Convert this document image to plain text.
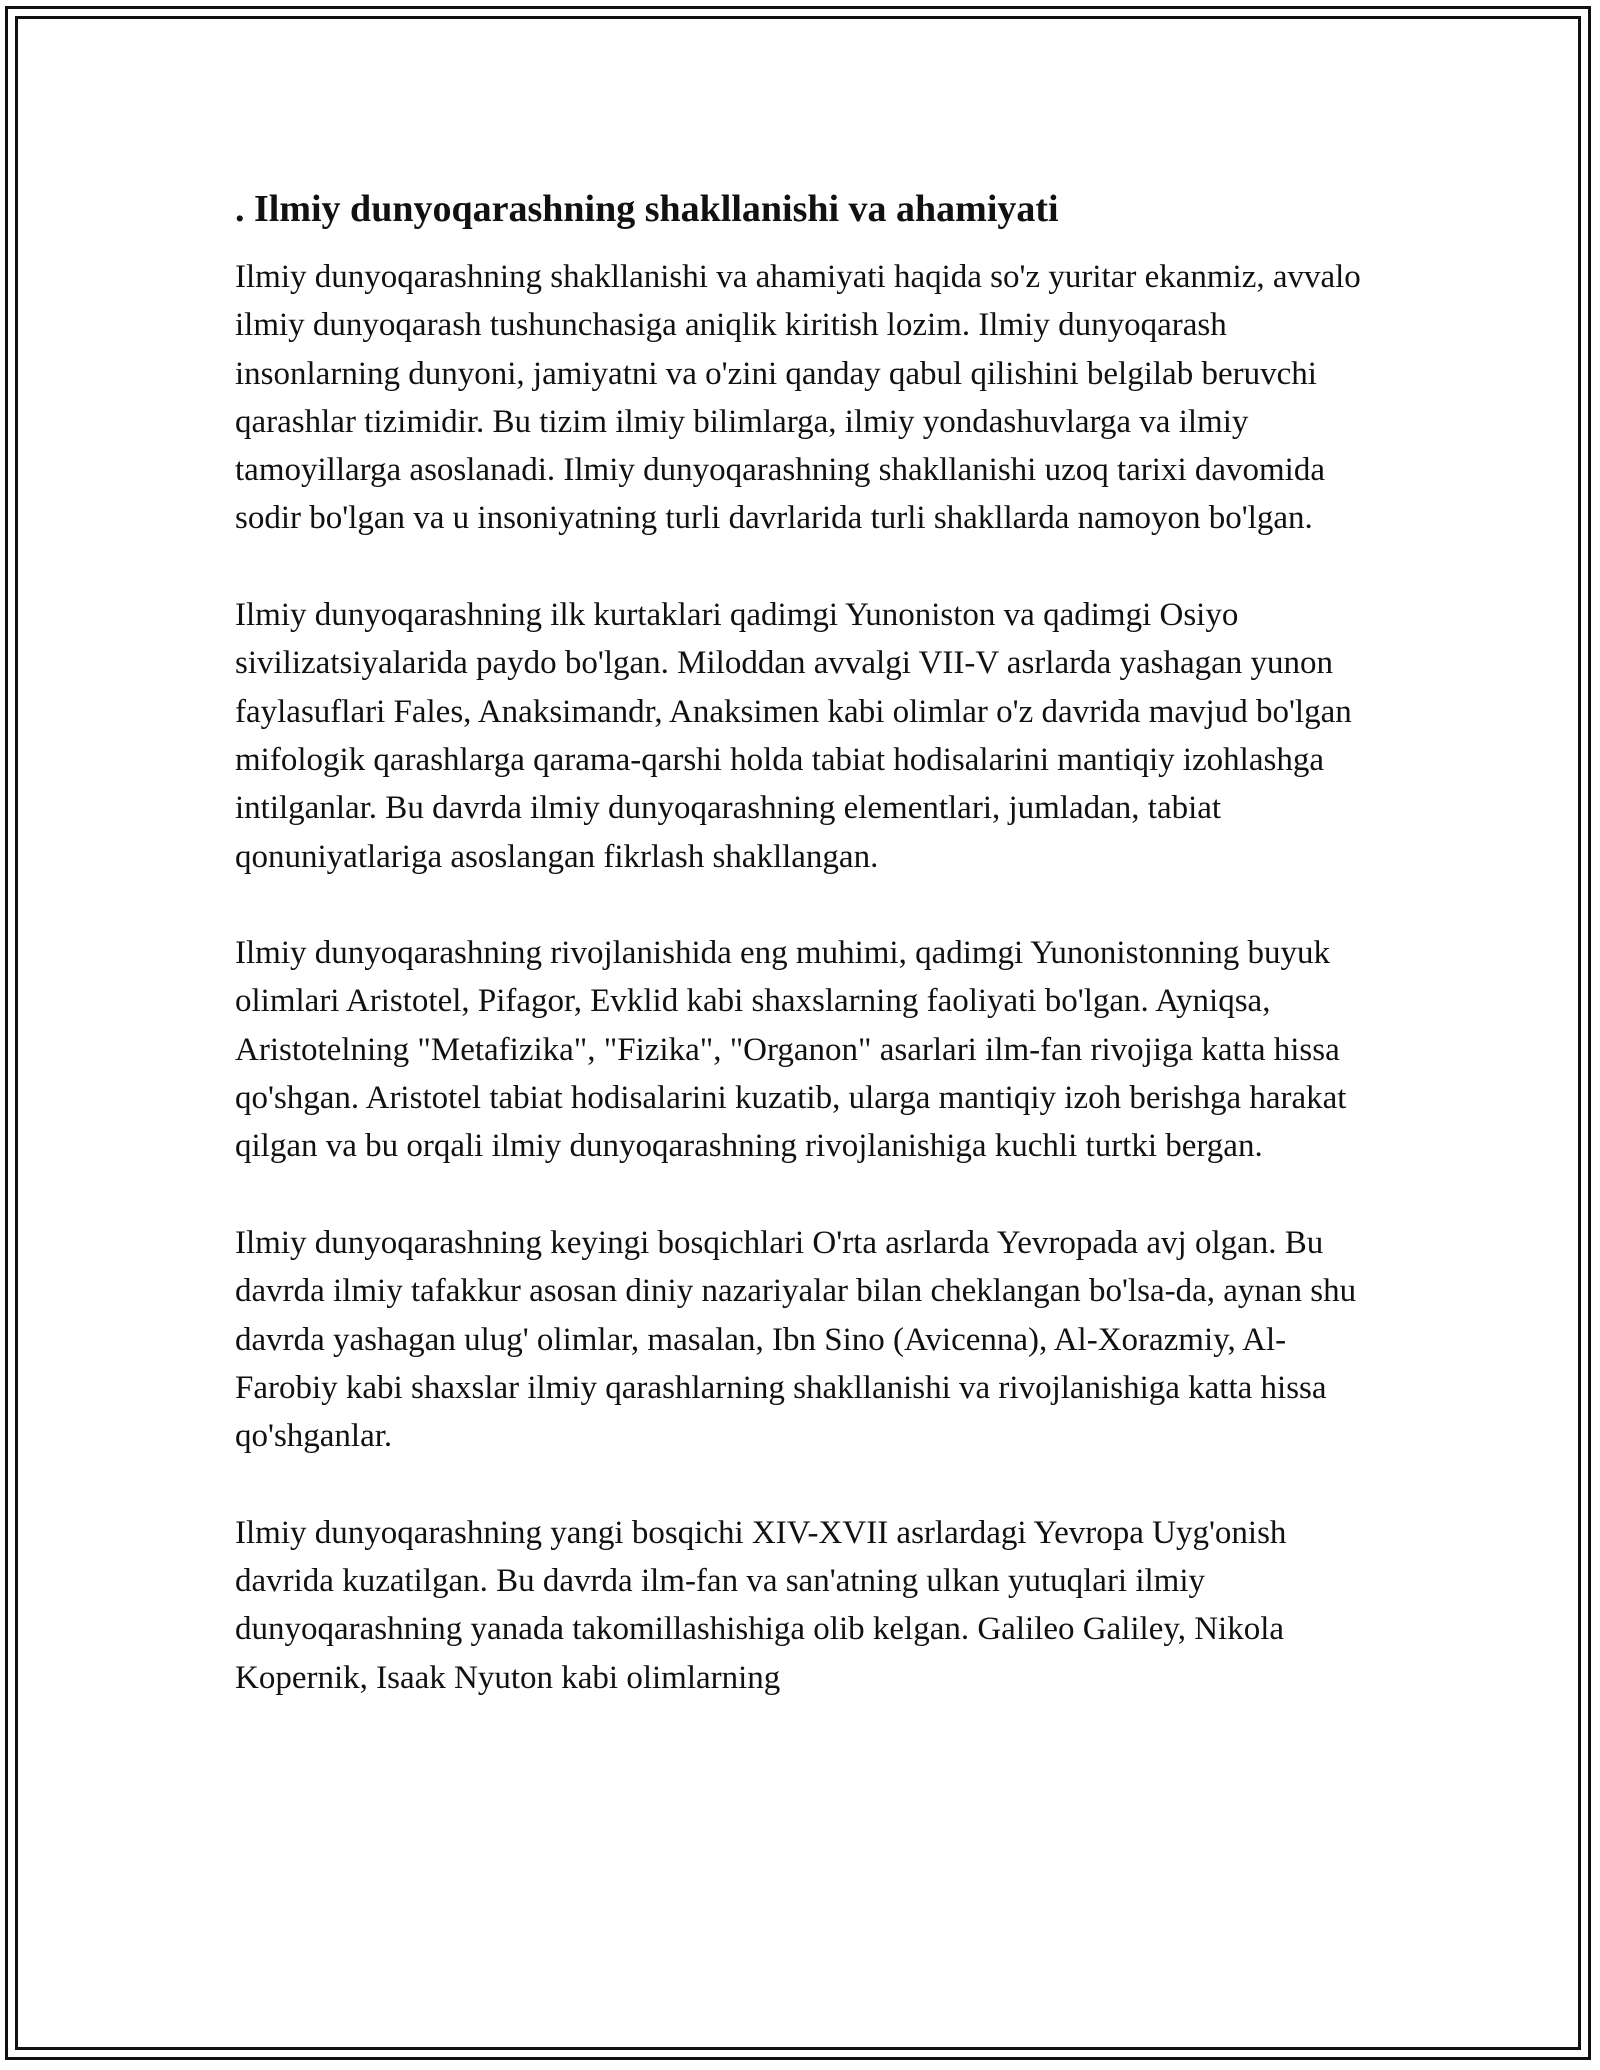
. Ilmiy dunyoqarashning shakllanishi va ahamiyati

Ilmiy dunyoqarashning shakllanishi va ahamiyati haqida so'z yuritar ekanmiz, avvalo ilmiy dunyoqarash tushunchasiga aniqlik kiritish lozim. Ilmiy dunyoqarash insonlarning dunyoni, jamiyatni va o'zini qanday qabul qilishini belgilab beruvchi qarashlar tizimidir. Bu tizim ilmiy bilimlarga, ilmiy yondashuvlarga va ilmiy tamoyillarga asoslanadi. Ilmiy dunyoqarashning shakllanishi uzoq tarixi davomida sodir bo'lgan va u insoniyatning turli davrlarida turli shakllarda namoyon bo'lgan.

Ilmiy dunyoqarashning ilk kurtaklari qadimgi Yunoniston va qadimgi Osiyo sivilizatsiyalarida paydo bo'lgan. Miloddan avvalgi VII-V asrlarda yashagan yunon faylasuflari Fales, Anaksimandr, Anaksimen kabi olimlar o'z davrida mavjud bo'lgan mifologik qarashlarga qarama-qarshi holda tabiat hodisalarini mantiqiy izohlashga intilganlar. Bu davrda ilmiy dunyoqarashning elementlari, jumladan, tabiat qonuniyatlariga asoslangan fikrlash shakllangan.

Ilmiy dunyoqarashning rivojlanishida eng muhimi, qadimgi Yunonistonning buyuk olimlari Aristotel, Pifagor, Evklid kabi shaxslarning faoliyati bo'lgan. Ayniqsa, Aristotelning "Metafizika", "Fizika", "Organon" asarlari ilm-fan rivojiga katta hissa qo'shgan. Aristotel tabiat hodisalarini kuzatib, ularga mantiqiy izoh berishga harakat qilgan va bu orqali ilmiy dunyoqarashning rivojlanishiga kuchli turtki bergan.

Ilmiy dunyoqarashning keyingi bosqichlari O'rta asrlarda Yevropada avj olgan. Bu davrda ilmiy tafakkur asosan diniy nazariyalar bilan cheklangan bo'lsa-da, aynan shu davrda yashagan ulug' olimlar, masalan, Ibn Sino (Avicenna), Al-Xorazmiy, Al-Farobiy kabi shaxslar ilmiy qarashlarning shakllanishi va rivojlanishiga katta hissa qo'shganlar.

Ilmiy dunyoqarashning yangi bosqichi XIV-XVII asrlardagi Yevropa Uyg'onish davrida kuzatilgan. Bu davrda ilm-fan va san'atning ulkan yutuqlari ilmiy dunyoqarashning yanada takomillashishiga olib kelgan. Galileo Galiley, Nikola Kopernik, Isaak Nyuton kabi olimlarning
